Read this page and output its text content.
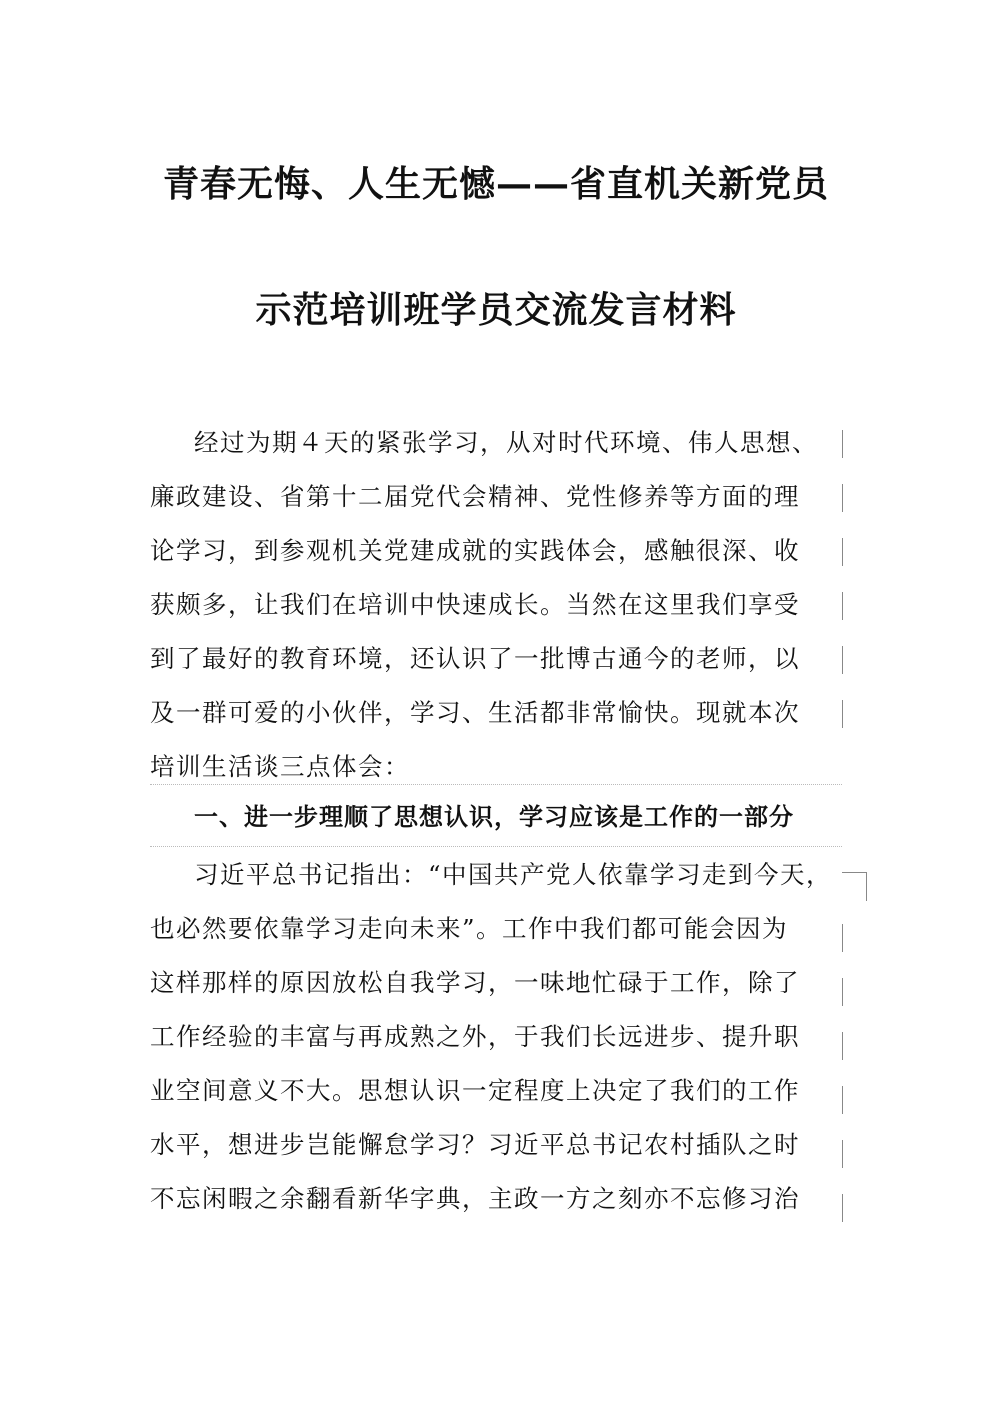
青春无悔、人生无憾——省直机关新党员
示范培训班学员交流发言材料
经过为期４天的紧张学习，从对时代环境、伟人思想、
廉政建设、省第十二届党代会精神、党性修养等方面的理
论学习，到参观机关党建成就的实践体会，感触很深、收
获颇多，让我们在培训中快速成长。当然在这里我们享受
到了最好的教育环境，还认识了一批博古通今的老师，以
及一群可爱的小伙伴，学习、生活都非常愉快。现就本次
培训生活谈三点体会：
一、进一步理顺了思想认识，学习应该是工作的一部分
习近平总书记指出：“中国共产党人依靠学习走到今天，
也必然要依靠学习走向未来”。工作中我们都可能会因为
这样那样的原因放松自我学习，一味地忙碌于工作，除了
工作经验的丰富与再成熟之外，于我们长远进步、提升职
业空间意义不大。思想认识一定程度上决定了我们的工作
水平，想进步岂能懈怠学习？习近平总书记农村插队之时
不忘闲暇之余翻看新华字典，主政一方之刻亦不忘修习治
